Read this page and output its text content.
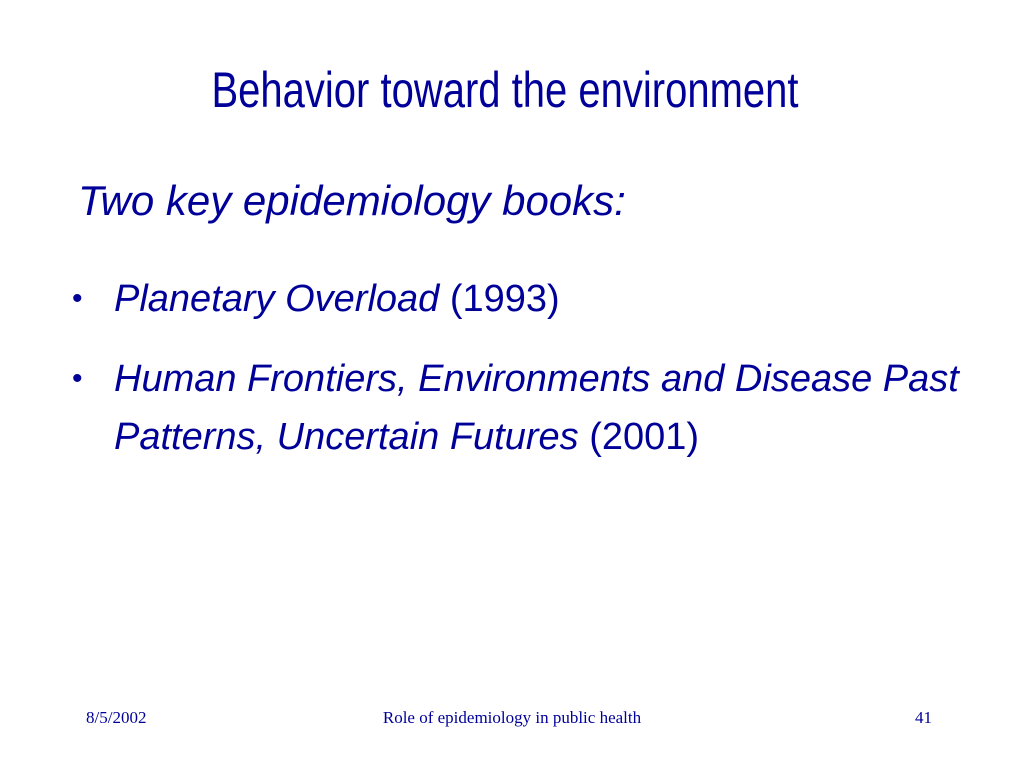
Behavior toward the environment
Two key epidemiology books:
• Planetary Overload (1993)
• Human Frontiers, Environments and Disease Past Patterns, Uncertain Futures (2001)
8/5/2002	Role of epidemiology in public health	41
